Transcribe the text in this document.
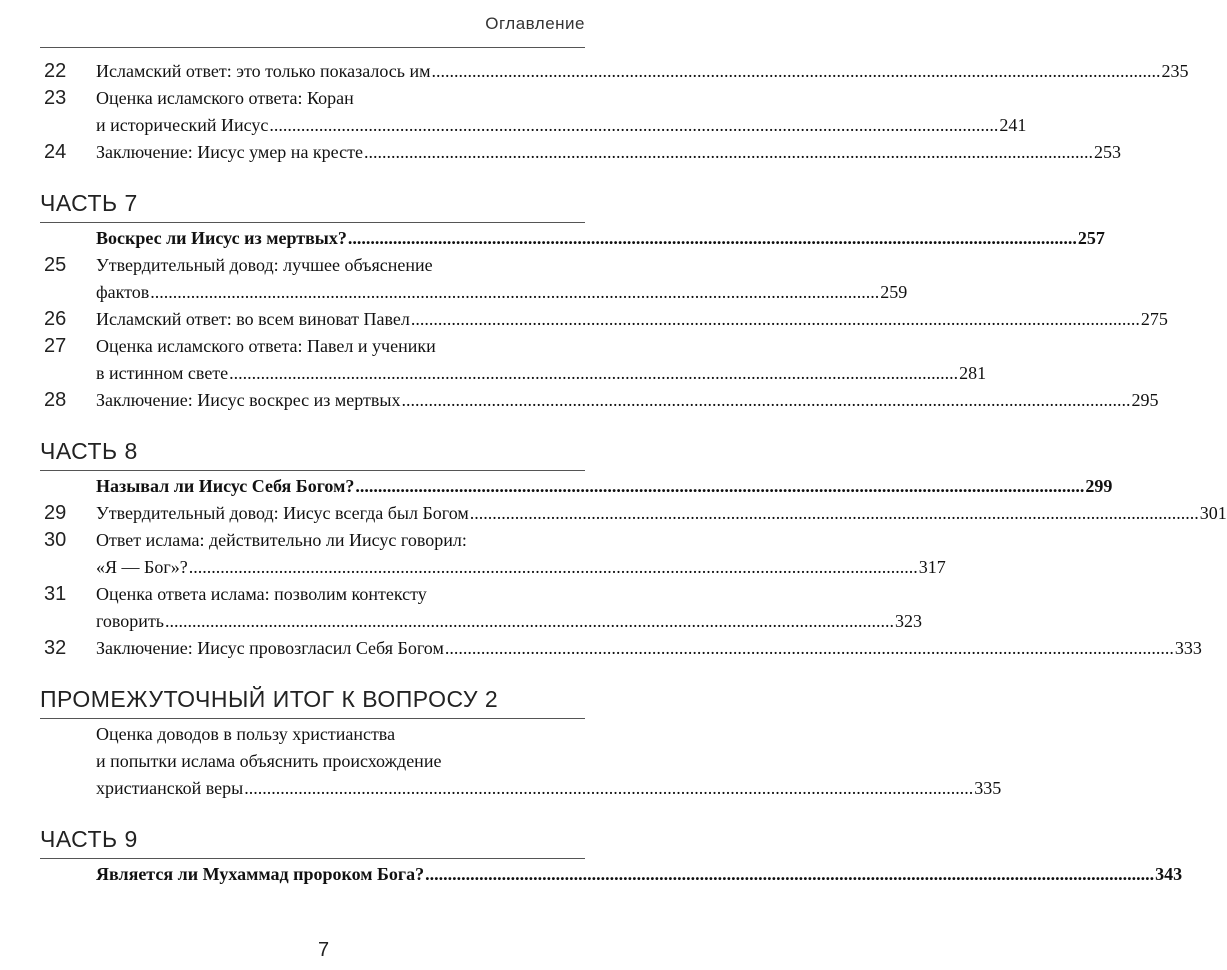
Оглавление
22	Исламский ответ: это только показалось им .....	235
23	Оценка исламского ответа: Коран
и исторический Иисус .....	241
24	Заключение: Иисус умер на кресте .....	253
ЧАСТЬ 7
Воскрес ли Иисус из мертвых? .....	257
25	Утвердительный довод: лучшее объяснение
фактов .....	259
26	Исламский ответ: во всем виноват Павел .....	275
27	Оценка исламского ответа: Павел и ученики
в истинном свете .....	281
28	Заключение: Иисус воскрес из мертвых .....	295
ЧАСТЬ 8
Называл ли Иисус Себя Богом? .....	299
29	Утвердительный довод: Иисус всегда был Богом .....	301
30	Ответ ислама: действительно ли Иисус говорил:
«Я — Бог»? .....	317
31	Оценка ответа ислама: позволим контексту
говорить .....	323
32	Заключение: Иисус провозгласил Себя Богом .....	333
ПРОМЕЖУТОЧНЫЙ ИТОГ К ВОПРОСУ 2
Оценка доводов в пользу христианства
и попытки ислама объяснить происхождение
христианской веры .....	335
ЧАСТЬ 9
Является ли Мухаммад пророком Бога? .....	343
7
